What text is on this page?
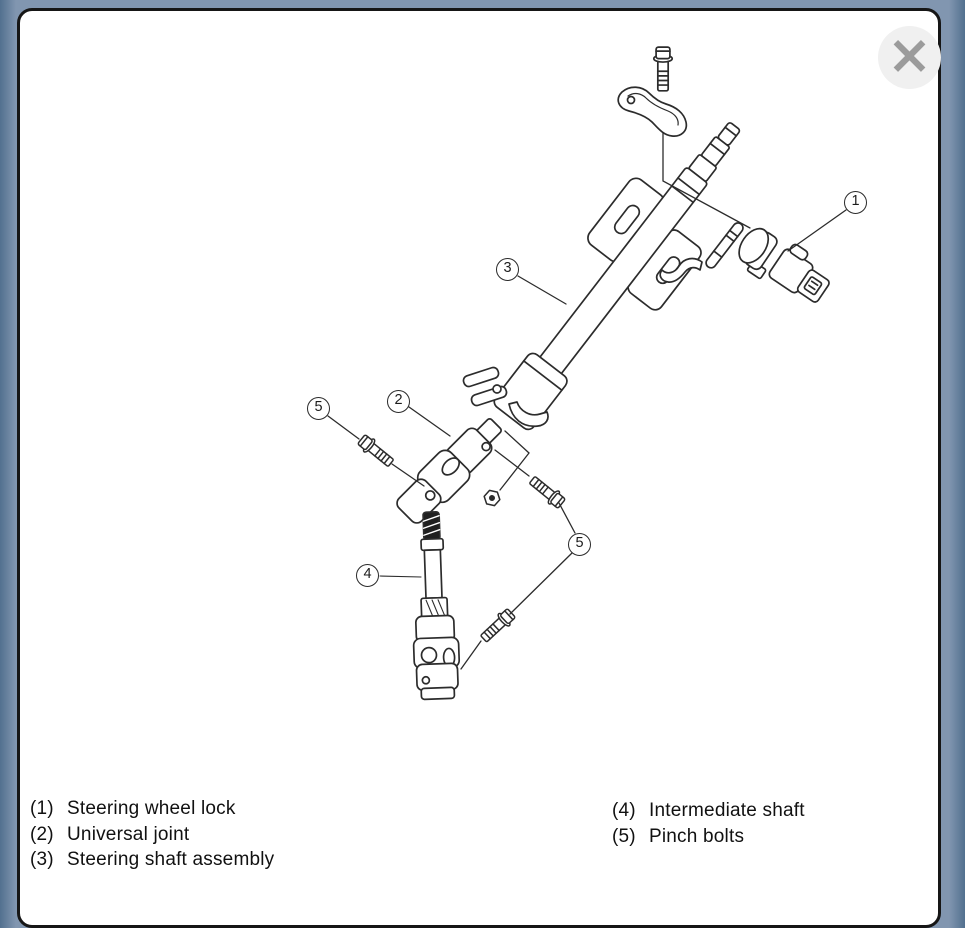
1
2
3
4
5
5
(1) Steering wheel lock
(2) Universal joint
(3) Steering shaft assembly
(4) Intermediate shaft
(5) Pinch bolts
×
